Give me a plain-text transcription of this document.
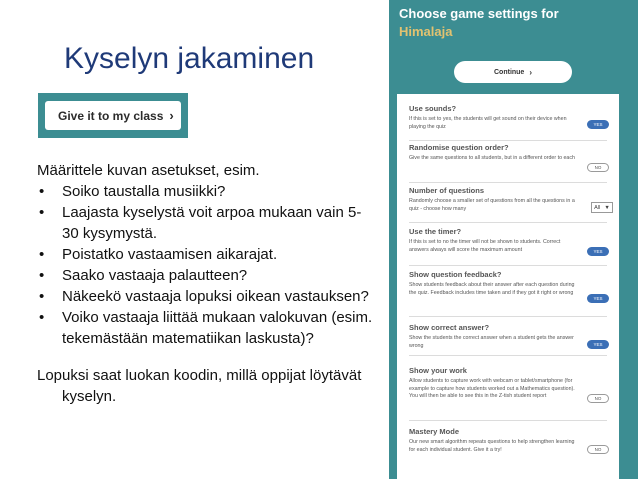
Kyselyn jakaminen
Give it to my class ›
Määrittele kuvan asetukset, esim.
• Soiko taustalla musiikki?
• Laajasta kyselystä voit arpoa mukaan vain 5-30 kysymystä.
• Poistatko vastaamisen aikarajat.
• Saako vastaaja palautteen?
• Näkeekö vastaaja lopuksi oikean vastauksen?
• Voiko vastaaja liittää mukaan valokuvan (esim. tekemästään matematiikan laskusta)?
Lopuksi saat luokan koodin, millä oppijat löytävät kyselyn.
Choose game settings for
Himalaja
Continue ›
Use sounds?
If this is set to yes, the students will get sound on their device when playing the quiz	YES
Randomise question order?
Give the same questions to all students, but in a different order to each
NO
Number of questions
Randomly choose a smaller set of questions from all the questions in a quiz - choose how many	All ▼
Use the timer?
If this is set to no the timer will not be shown to students. Correct answers always will score the maximum amount	YES
Show question feedback?
Show students feedback about their answer after each question during the quiz. Feedback includes time taken and if they got it right or wrong
YES
Show correct answer?
Show the students the correct answer when a student gets the answer wrong	YES
Show your work
Allow students to capture work with webcam or tablet/smartphone (for example to capture how students worked out a Mathematics question). You will then be able to see this in the Z-tish student report	NO
Mastery Mode
Our new smart algorithm repeats questions to help strengthen learning for each individual student. Give it a try!	NO
